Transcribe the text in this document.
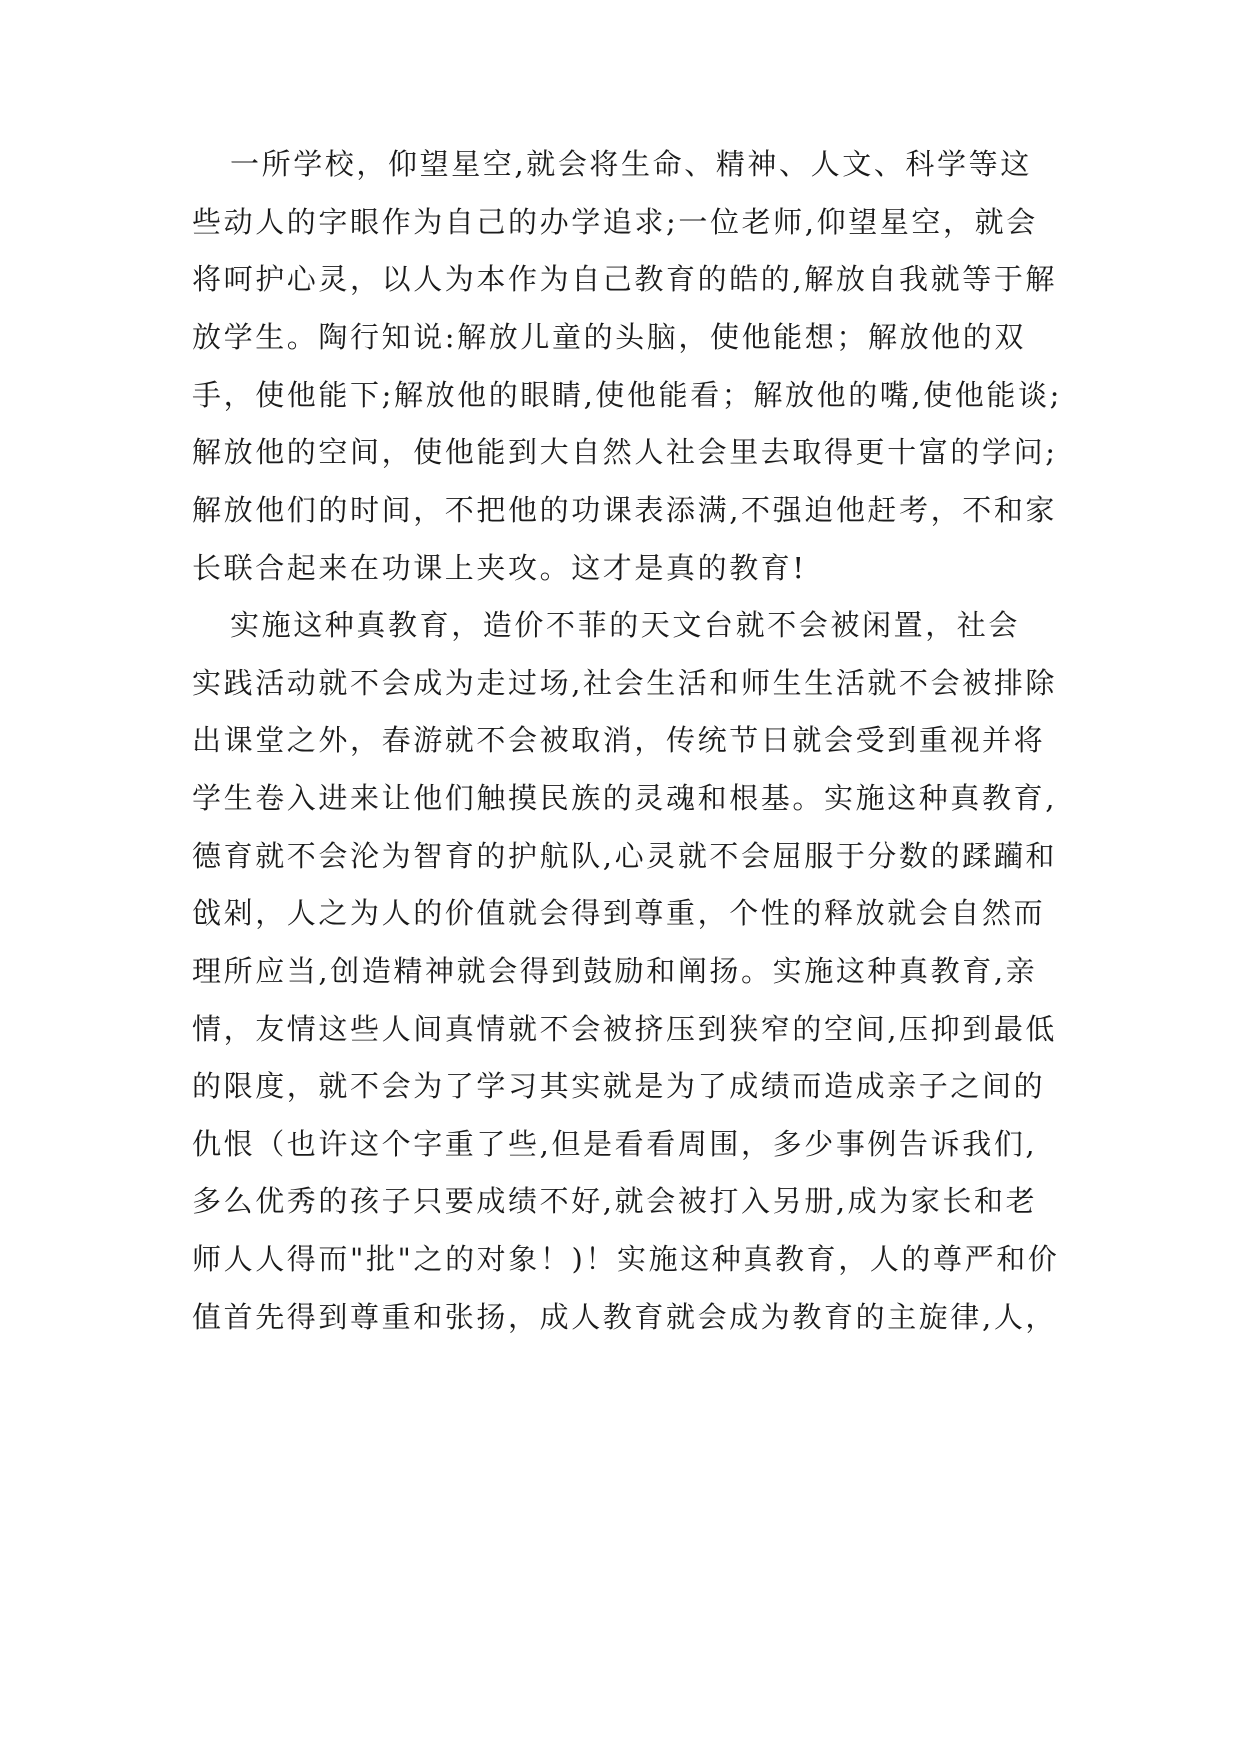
一所学校，仰望星空,就会将生命、精神、人文、科学等这
些动人的字眼作为自己的办学追求;一位老师,仰望星空，就会
将呵护心灵，以人为本作为自己教育的皓的,解放自我就等于解
放学生。陶行知说:解放儿童的头脑，使他能想；解放他的双
手，使他能下;解放他的眼睛,使他能看；解放他的嘴,使他能谈;
解放他的空间，使他能到大自然人社会里去取得更十富的学问;
解放他们的时间，不把他的功课表添满,不强迫他赶考，不和家
长联合起来在功课上夹攻。这才是真的教育!
实施这种真教育，造价不菲的天文台就不会被闲置，社会
实践活动就不会成为走过场,社会生活和师生生活就不会被排除
出课堂之外，春游就不会被取消，传统节日就会受到重视并将
学生卷入进来让他们触摸民族的灵魂和根基。实施这种真教育,
德育就不会沦为智育的护航队,心灵就不会屈服于分数的蹂躏和
戗剁，人之为人的价值就会得到尊重，个性的释放就会自然而
理所应当,创造精神就会得到鼓励和阐扬。实施这种真教育,亲
情，友情这些人间真情就不会被挤压到狭窄的空间,压抑到最低
的限度，就不会为了学习其实就是为了成绩而造成亲子之间的
仇恨（也许这个字重了些,但是看看周围，多少事例告诉我们,
多么优秀的孩子只要成绩不好,就会被打入另册,成为家长和老
师人人得而"批"之的对象！)！实施这种真教育，人的尊严和价
值首先得到尊重和张扬，成人教育就会成为教育的主旋律,人，
